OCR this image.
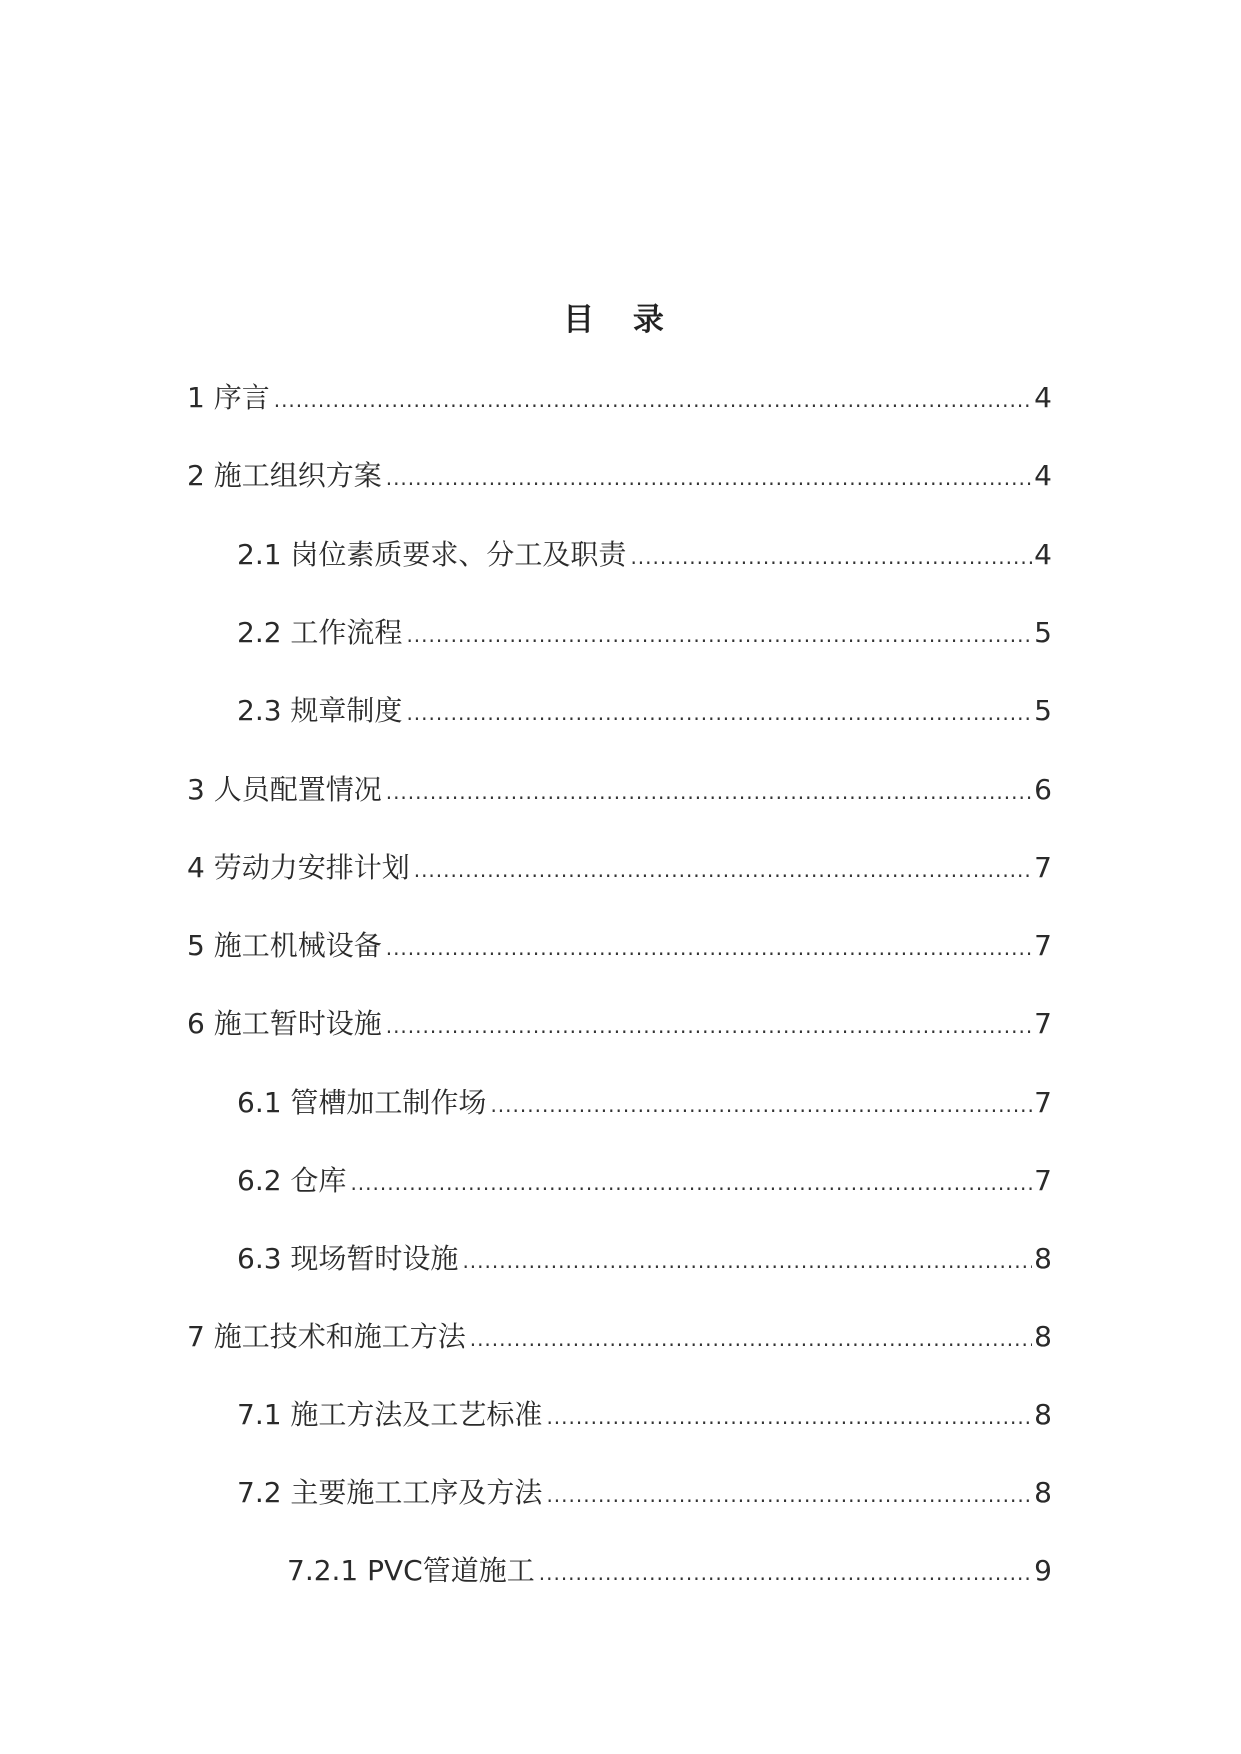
目 录
1 序言 .....	4
2 施工组织方案 .....	4
2.1 岗位素质要求、分工及职责 .....	4
2.2 工作流程 .....	5
2.3 规章制度 .....	5
3 人员配置情况 .....	6
4 劳动力安排计划 .....	7
5 施工机械设备 .....	7
6 施工暂时设施 .....	7
6.1 管槽加工制作场 .....	7
6.2 仓库 .....	7
6.3 现场暂时设施 .....	8
7 施工技术和施工方法 .....	8
7.1 施工方法及工艺标准 .....	8
7.2 主要施工工序及方法 .....	8
7.2.1 PVC管道施工 .....	9
